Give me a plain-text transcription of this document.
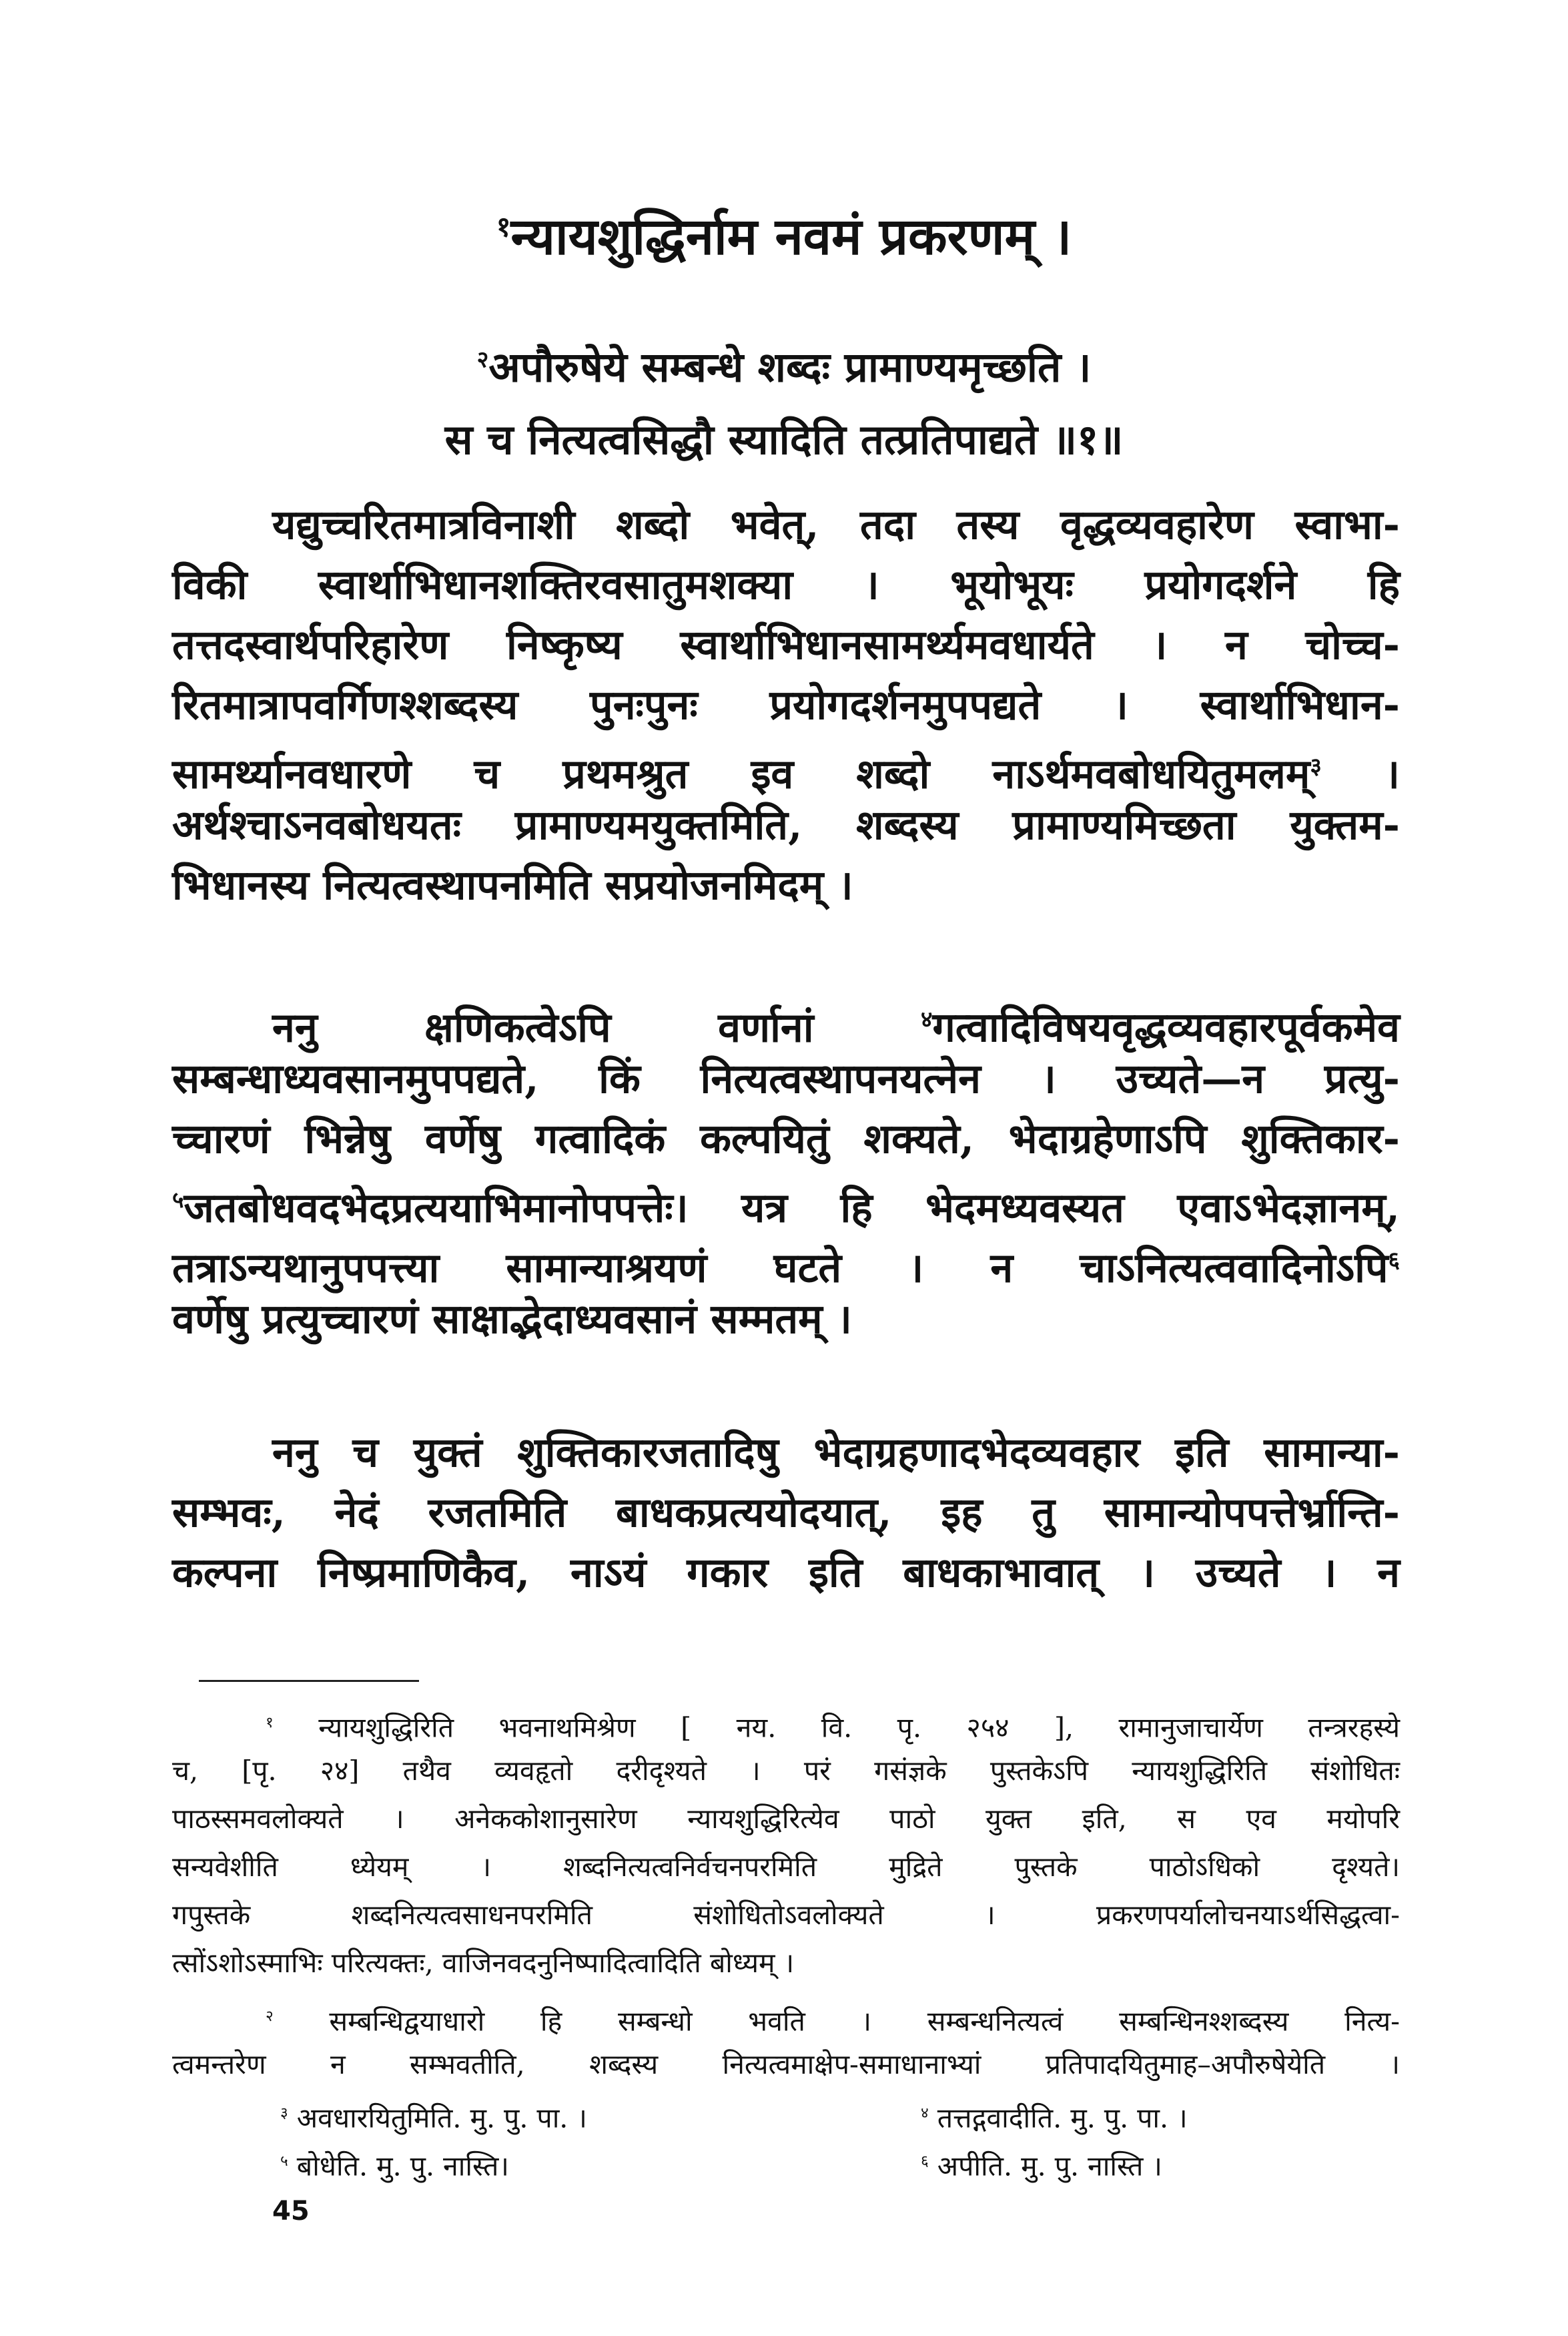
$^१$न्यायशुद्धिर्नाम नवमं प्रकरणम् ।
$^२$अपौरुषेये सम्बन्धे शब्दः प्रामाण्यमृच्छति ।
स च नित्यत्वसिद्धौ स्यादिति तत्प्रतिपाद्यते ॥१॥
यद्युच्चरितमात्रविनाशी शब्दो भवेत्, तदा तस्य वृद्धव्यवहारेण स्वाभा-
विकी स्वार्थाभिधानशक्तिरवसातुमशक्या । भूयोभूयः प्रयोगदर्शने हि
तत्तदस्वार्थपरिहारेण निष्कृष्य स्वार्थाभिधानसामर्थ्यमवधार्यते । न चोच्च-
रितमात्रापवर्गिणश्शब्दस्य पुनःपुनः प्रयोगदर्शनमुपपद्यते । स्वार्थाभिधान-
सामर्थ्यानवधारणे च प्रथमश्रुत इव शब्दो नाऽर्थमवबोधयितुमलम्$^३$ ।
अर्थश्चाऽनवबोधयतः प्रामाण्यमयुक्तमिति, शब्दस्य प्रामाण्यमिच्छता युक्तम-
भिधानस्य नित्यत्वस्थापनमिति सप्रयोजनमिदम् ।
ननु क्षणिकत्वेऽपि वर्णानां	$^४$गत्वादिविषयवृद्धव्यवहारपूर्वकमेव
सम्बन्धाध्यवसानमुपपद्यते, किं नित्यत्वस्थापनयत्नेन । उच्यते—न प्रत्यु-
च्चारणं भिन्नेषु वर्णेषु गत्वादिकं कल्पयितुं शक्यते, भेदाग्रहेणाऽपि शुक्तिकार-
$^५$जतबोधवदभेदप्रत्ययाभिमानोपपत्तेः। यत्र हि भेदमध्यवस्यत एवाऽभेदज्ञानम्,
तत्राऽन्यथानुपपत्त्या सामान्याश्रयणं घटते । न चाऽनित्यत्ववादिनोऽपि$^६$
वर्णेषु प्रत्युच्चारणं साक्षाद्भेदाध्यवसानं सम्मतम् ।
ननु च युक्तं शुक्तिकारजतादिषु भेदाग्रहणादभेदव्यवहार इति सामान्या-
सम्भवः, नेदं रजतमिति बाधकप्रत्ययोदयात्, इह तु सामान्योपपत्तेर्भ्रान्ति-
कल्पना निष्प्रमाणिकैव, नाऽयं गकार इति बाधकाभावात् । उच्यते । न
$^१$ न्यायशुद्धिरिति भवनाथमिश्रेण [ नय. वि. पृ. २५४ ], रामानुजाचार्येण तन्त्ररहस्ये
च, [पृ. २४] तथैव व्यवहृतो दरीदृश्यते । परं गसंज्ञके पुस्तकेऽपि न्यायशुद्धिरिति संशोधितः
पाठस्समवलोक्यते । अनेककोशानुसारेण न्यायशुद्धिरित्येव पाठो युक्त इति, स एव मयोपरि
सन्यवेशीति ध्येयम् । शब्दनित्यत्वनिर्वचनपरमिति मुद्रिते पुस्तके पाठोऽधिको दृश्यते।
गपुस्तके शब्दनित्यत्वसाधनपरमिति संशोधितोऽवलोक्यते । प्रकरणपर्यालोचनयाऽर्थसिद्धत्वा-
त्सोंऽशोऽस्माभिः परित्यक्तः, वाजिनवदनुनिष्पादित्वादिति बोध्यम् ।
$^२$ सम्बन्धिद्वयाधारो हि सम्बन्धो भवति । सम्बन्धनित्यत्वं सम्बन्धिनश्शब्दस्य नित्य-
त्वमन्तरेण न सम्भवतीति, शब्दस्य नित्यत्वमाक्षेप-समाधानाभ्यां प्रतिपादयितुमाह–अपौरुषेयेति ।
$^३$ अवधारयितुमिति. मु. पु. पा. ।	$^४$ तत्तद्गवादीति. मु. पु. पा. ।
$^५$ बोधेति. मु. पु. नास्ति।	$^६$ अपीति. मु. पु. नास्ति ।
45
